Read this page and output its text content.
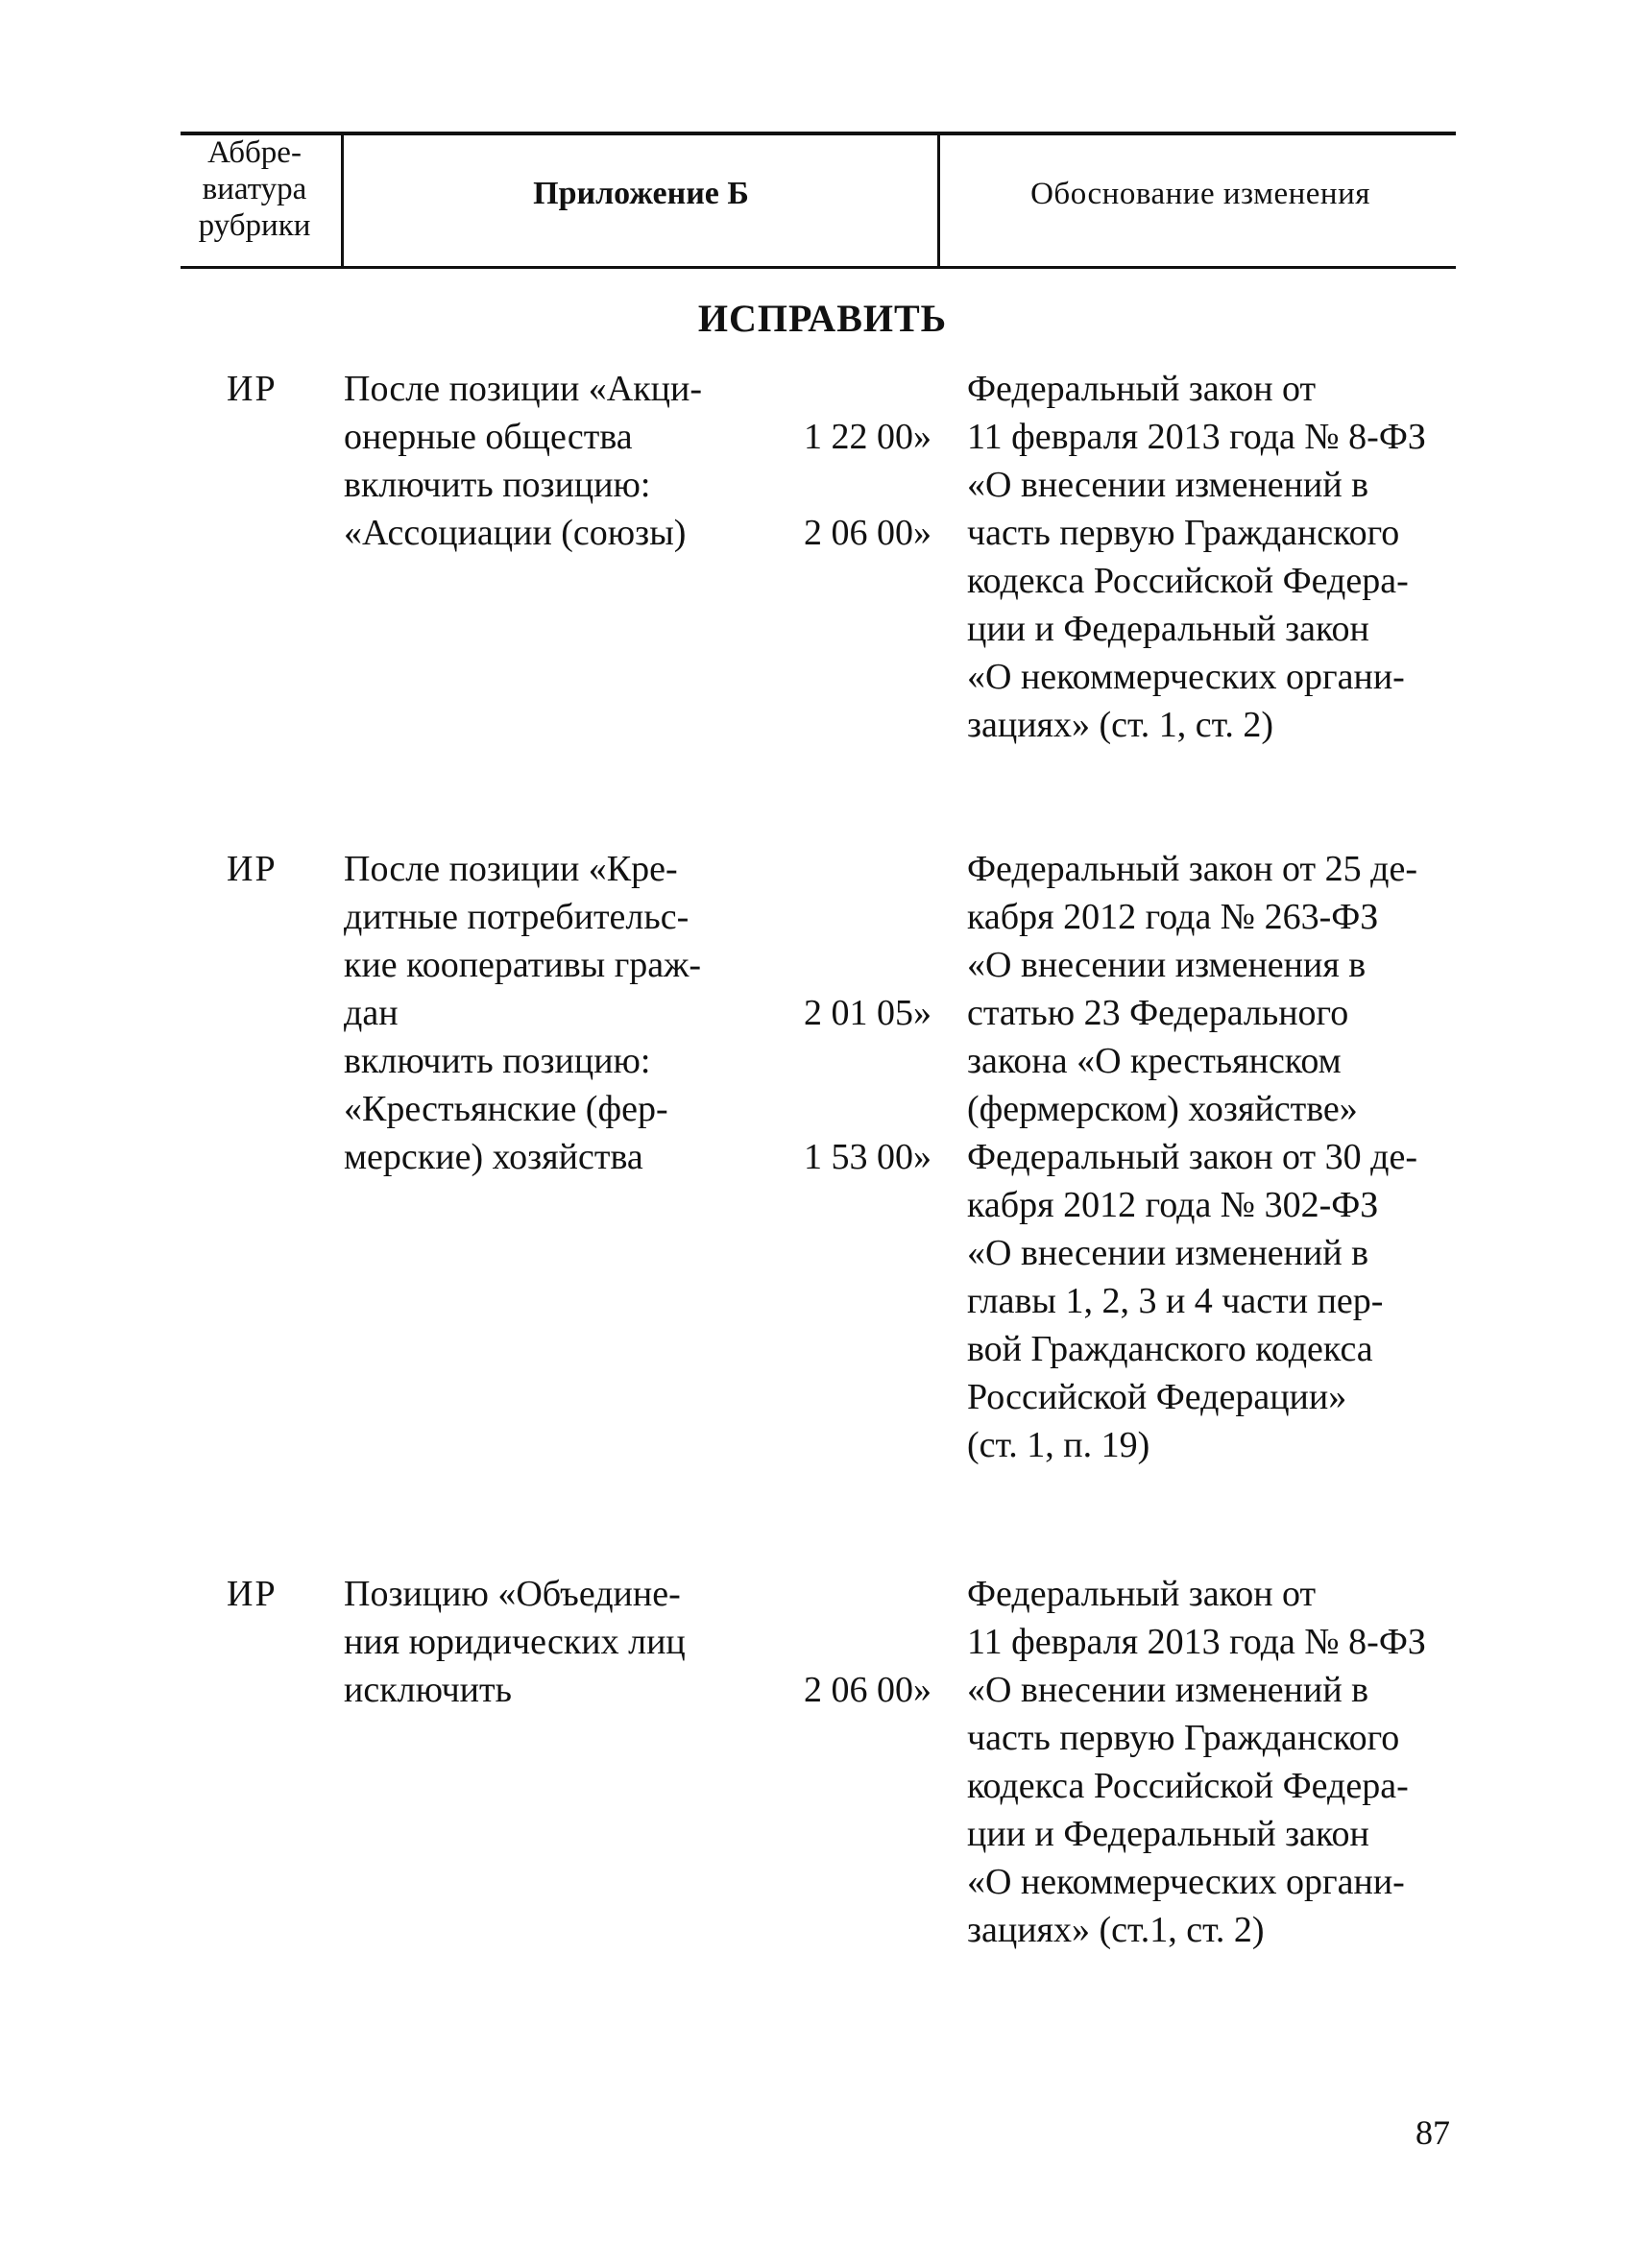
Аббре-
виатура
рубрики
Приложение Б	Обоснование изменения
ИСПРАВИТЬ
ИР После позиции «Акци-
онерные общества
включить позицию:
«Ассоциации (союзы)
1 22 00»
2 06 00»
Федеральный закон от
11 февраля 2013 года № 8-ФЗ
«О внесении изменений в
часть первую Гражданского
кодекса Российской Федера-
ции и Федеральный закон
«О некоммерческих органи-
зациях» (ст. 1, ст. 2)
ИР После позиции «Кре-
дитные потребительс-
кие кооперативы граж-
дан
включить позицию:
«Крестьянские (фер-
мерские) хозяйства
2 01 05»
1 53 00»
Федеральный закон от 25 де-
кабря 2012 года № 263-ФЗ
«О внесении изменения в
статью 23 Федерального
закона «О крестьянском
(фермерском) хозяйстве»
Федеральный закон от 30 де-
кабря 2012 года № 302-ФЗ
«О внесении изменений в
главы 1, 2, 3 и 4 части пер-
вой Гражданского кодекса
Российской Федерации»
(ст. 1, п. 19)
ИР Позицию «Объедине-
ния юридических лиц
исключить	2 06 00»
Федеральный закон от
11 февраля 2013 года № 8-ФЗ
«О внесении изменений в
часть первую Гражданского
кодекса Российской Федера-
ции и Федеральный закон
«О некоммерческих органи-
зациях» (ст.1, ст. 2)
87
